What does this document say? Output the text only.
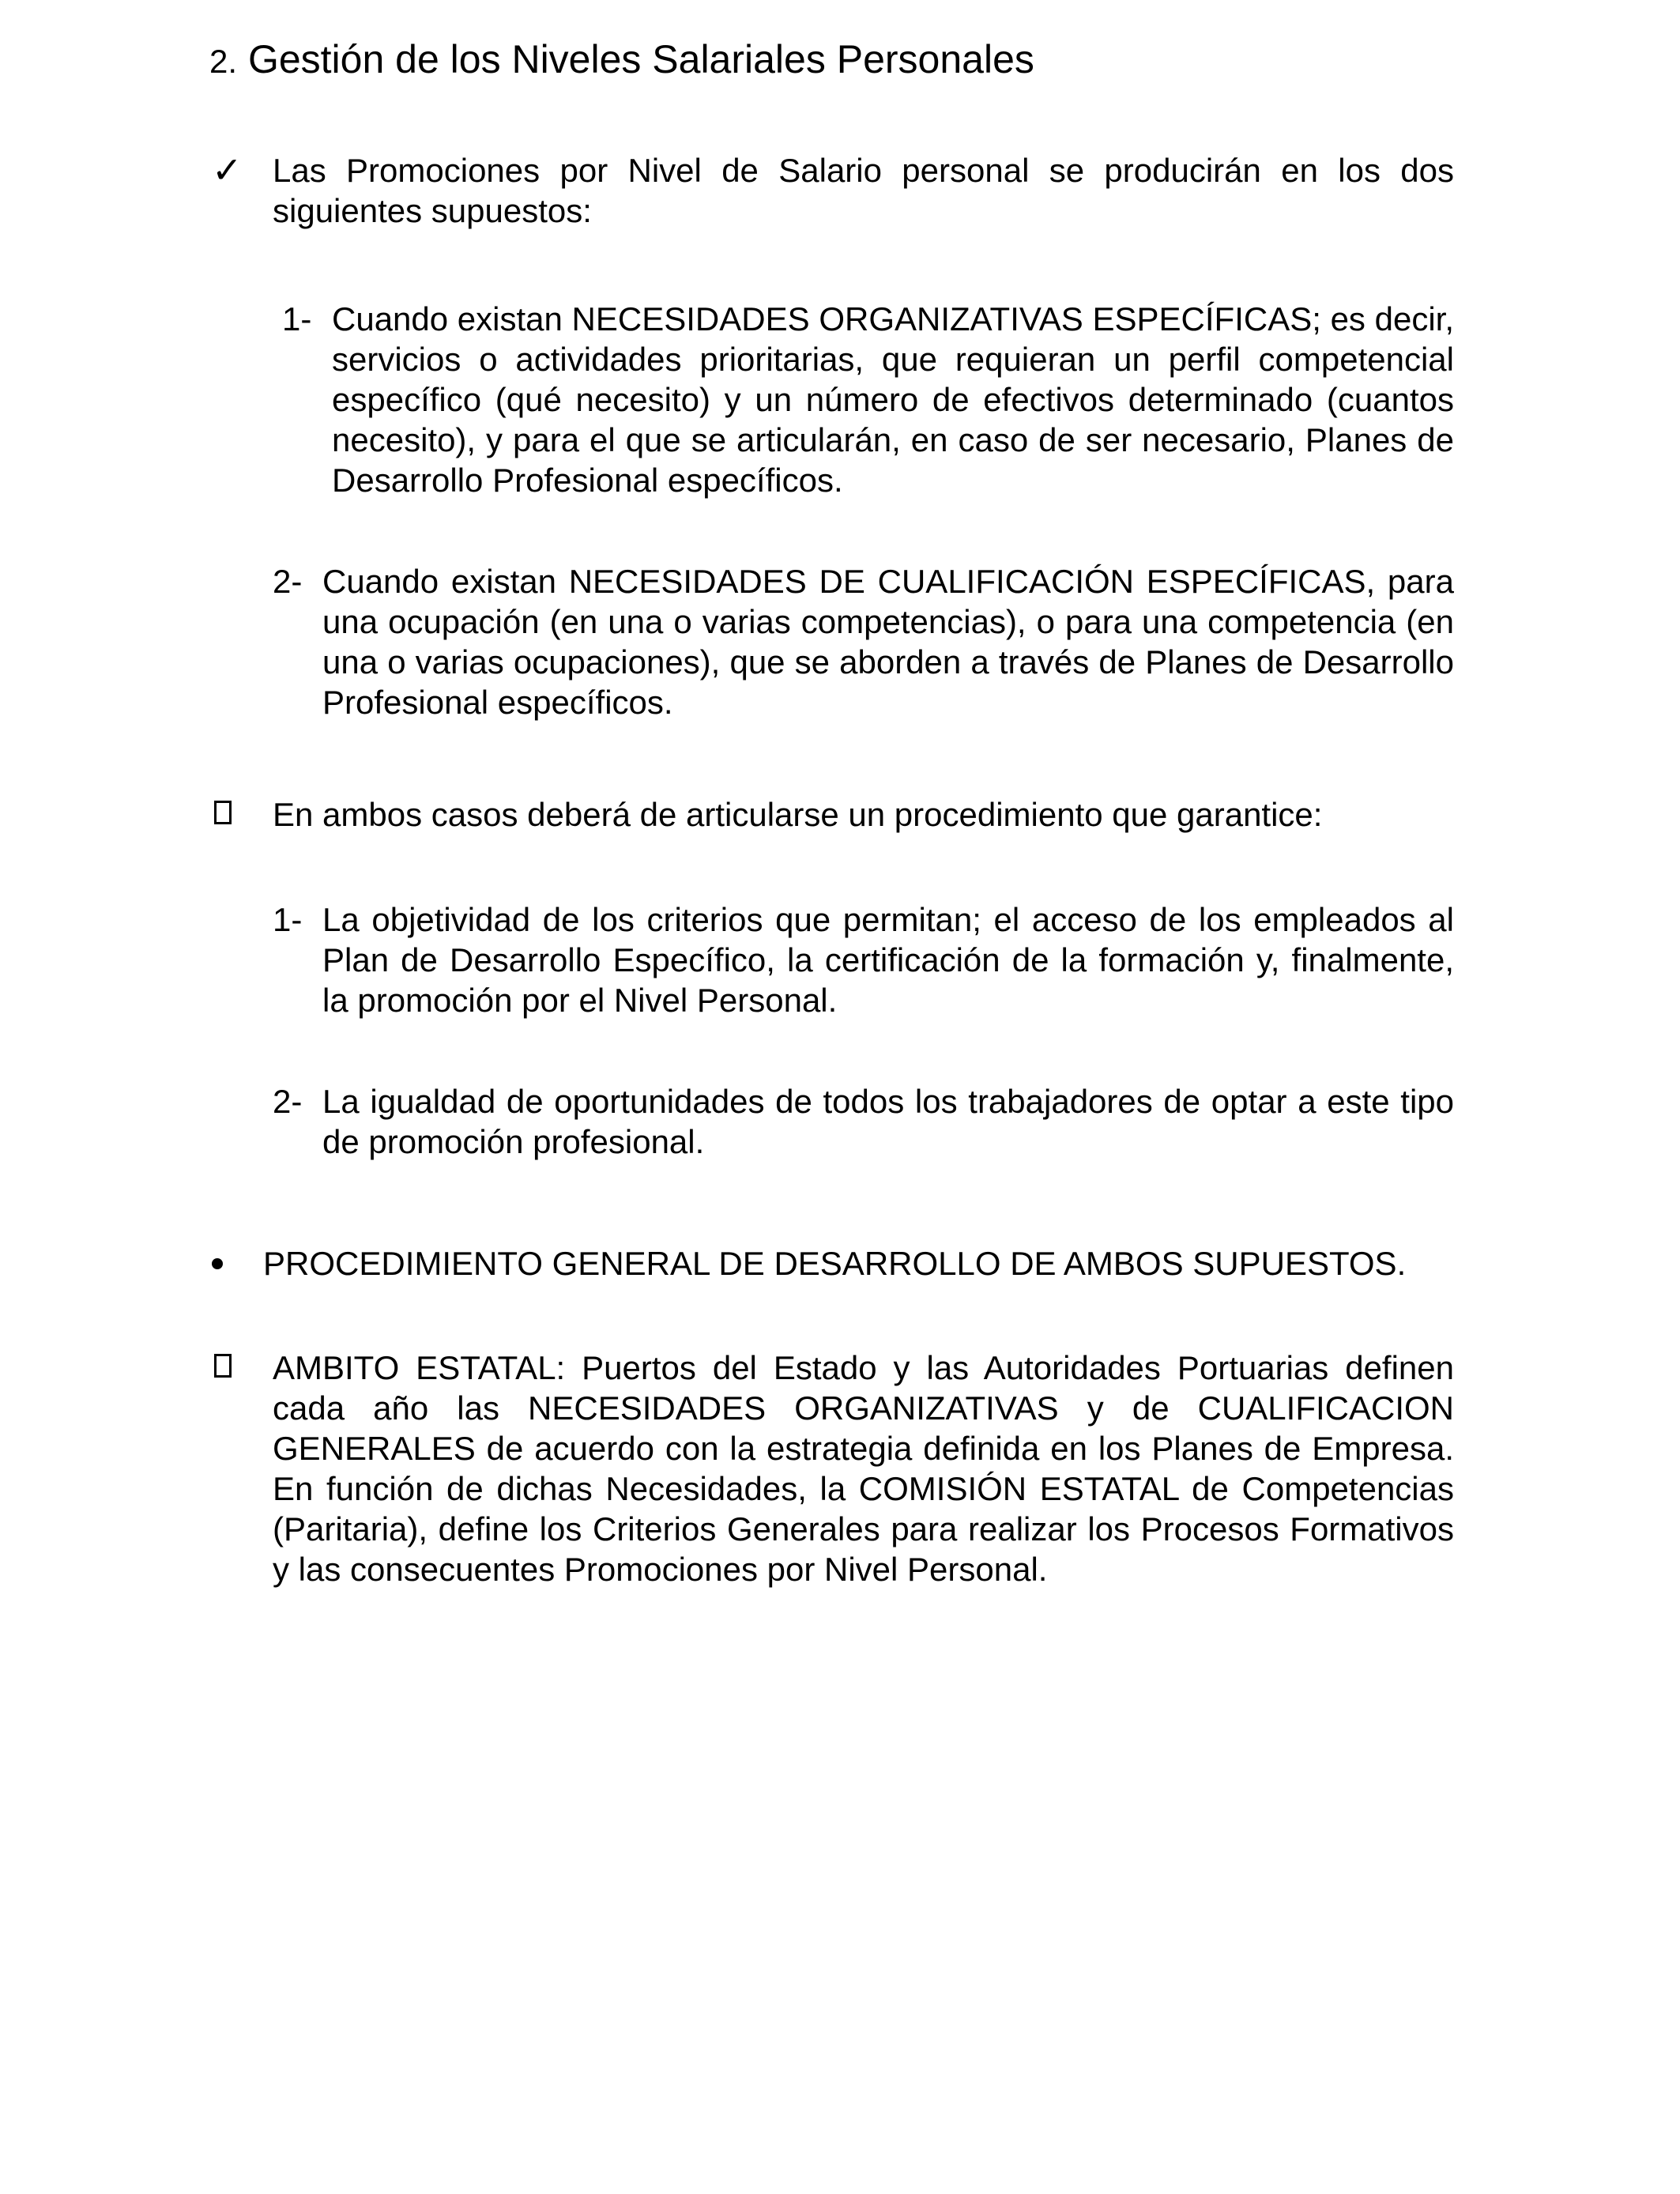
2. Gestión de los Niveles Salariales Personales
✓ Las Promociones por Nivel de Salario personal se producirán en los dos siguientes supuestos:
1- Cuando existan NECESIDADES ORGANIZATIVAS ESPECÍFICAS; es decir, servicios o actividades prioritarias, que requieran un perfil competencial específico (qué necesito) y un número de efectivos determinado (cuantos necesito), y para el que se articularán, en caso de ser necesario, Planes de Desarrollo Profesional específicos.
2- Cuando existan NECESIDADES DE CUALIFICACIÓN ESPECÍFICAS, para una ocupación (en una o varias competencias), o para una competencia (en una o varias ocupaciones), que se aborden a través de Planes de Desarrollo Profesional específicos.
En ambos casos deberá de articularse un procedimiento que garantice:
1- La objetividad de los criterios que permitan; el acceso de los empleados al Plan de Desarrollo Específico, la certificación de la formación y, finalmente, la promoción por el Nivel Personal.
2- La igualdad de oportunidades de todos los trabajadores de optar a este tipo de promoción profesional.
PROCEDIMIENTO GENERAL DE DESARROLLO DE AMBOS SUPUESTOS.
AMBITO ESTATAL: Puertos del Estado y las Autoridades Portuarias definen cada año las NECESIDADES ORGANIZATIVAS y de CUALIFICACION GENERALES de acuerdo con la estrategia definida en los Planes de Empresa. En función de dichas Necesidades, la COMISIÓN ESTATAL de Competencias (Paritaria), define los Criterios Generales para realizar los Procesos Formativos y las consecuentes Promociones por Nivel Personal.
